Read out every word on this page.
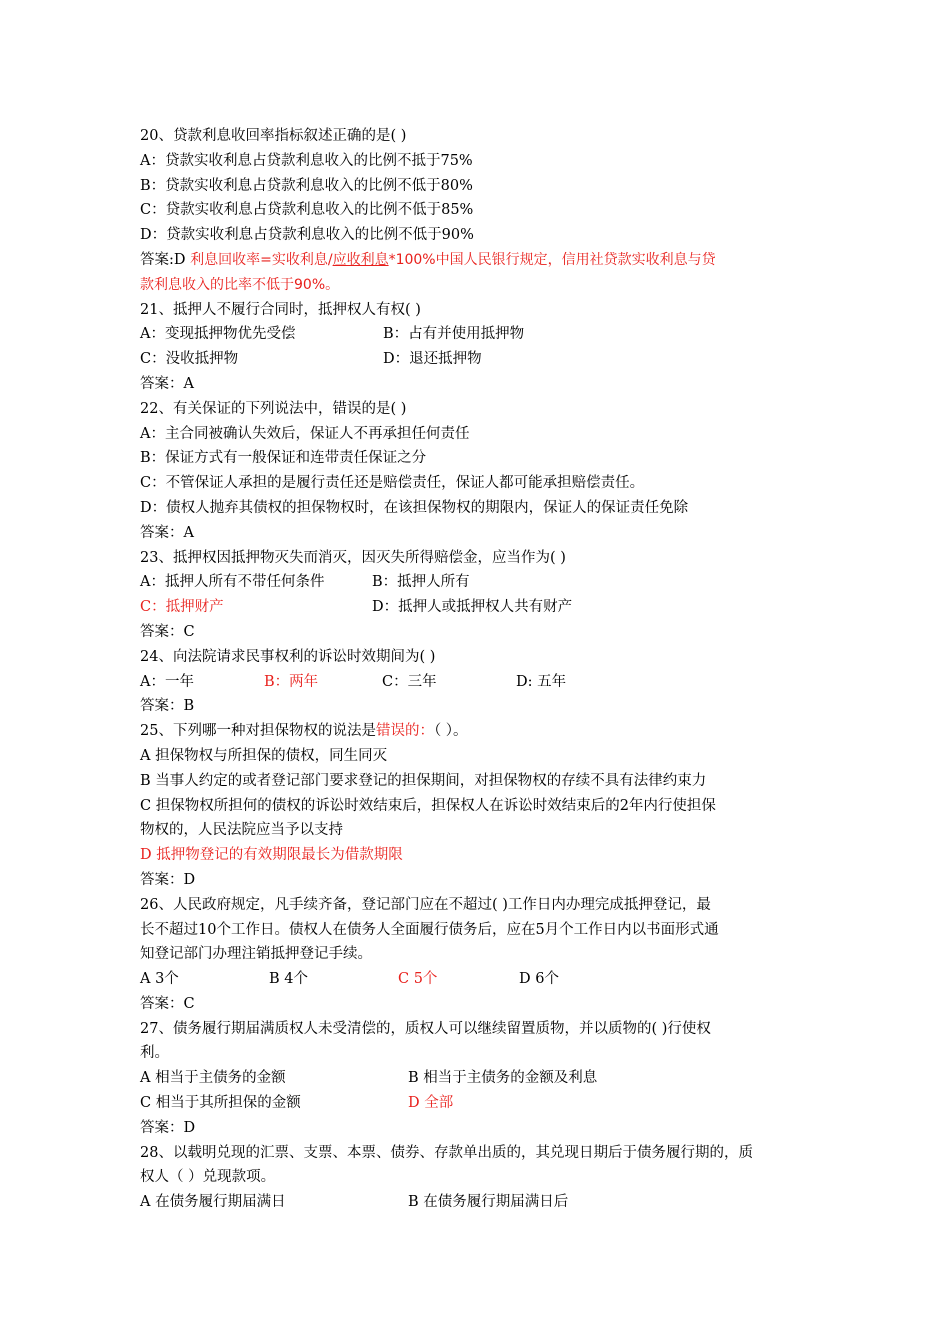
20、贷款利息收回率指标叙述正确的是( )
A：贷款实收利息占贷款利息收入的比例不抵于75%
B：贷款实收利息占贷款利息收入的比例不低于80%
C：贷款实收利息占贷款利息收入的比例不低于85%
D：贷款实收利息占贷款利息收入的比例不低于90%
答案:D 利息回收率=实收利息/应收利息*100%中国人民银行规定，信用社贷款实收利息与贷
款利息收入的比率不低于90%。
21、抵押人不履行合同时，抵押权人有权( )
A：变现抵押物优先受偿	B：占有并使用抵押物
C：没收抵押物	D：退还抵押物
答案：A
22、有关保证的下列说法中，错误的是( )
A：主合同被确认失效后，保证人不再承担任何责任
B：保证方式有一般保证和连带责任保证之分
C：不管保证人承担的是履行责任还是赔偿责任，保证人都可能承担赔偿责任。
D：债权人抛弃其债权的担保物权时，在该担保物权的期限内，保证人的保证责任免除
答案：A
23、抵押权因抵押物灭失而消灭，因灭失所得赔偿金，应当作为( )
A：抵押人所有不带任何条件	B：抵押人所有
C：抵押财产	D：抵押人或抵押权人共有财产
答案：C
24、向法院请求民事权利的诉讼时效期间为( )
A：一年	B：两年	C：三年	D: 五年
答案：B
25、下列哪一种对担保物权的说法是错误的：（ ）。
A 担保物权与所担保的债权，同生同灭
B 当事人约定的或者登记部门要求登记的担保期间，对担保物权的存续不具有法律约束力
C 担保物权所担何的债权的诉讼时效结束后，担保权人在诉讼时效结束后的2年内行使担保
物权的，人民法院应当予以支持
D 抵押物登记的有效期限最长为借款期限
答案：D
26、人民政府规定，凡手续齐备，登记部门应在不超过( )工作日内办理完成抵押登记，最
长不超过10个工作日。债权人在债务人全面履行债务后，应在5月个工作日内以书面形式通
知登记部门办理注销抵押登记手续。
A 3个	B 4个	C 5个	D 6个
答案：C
27、债务履行期届满质权人未受清偿的，质权人可以继续留置质物，并以质物的( )行使权
利。
A 相当于主债务的金额	B 相当于主债务的金额及利息
C 相当于其所担保的金额	D 全部
答案：D
28、以载明兑现的汇票、支票、本票、债券、存款单出质的，其兑现日期后于债务履行期的，质
权人（ ）兑现款项。
A 在债务履行期届满日	B 在债务履行期届满日后
